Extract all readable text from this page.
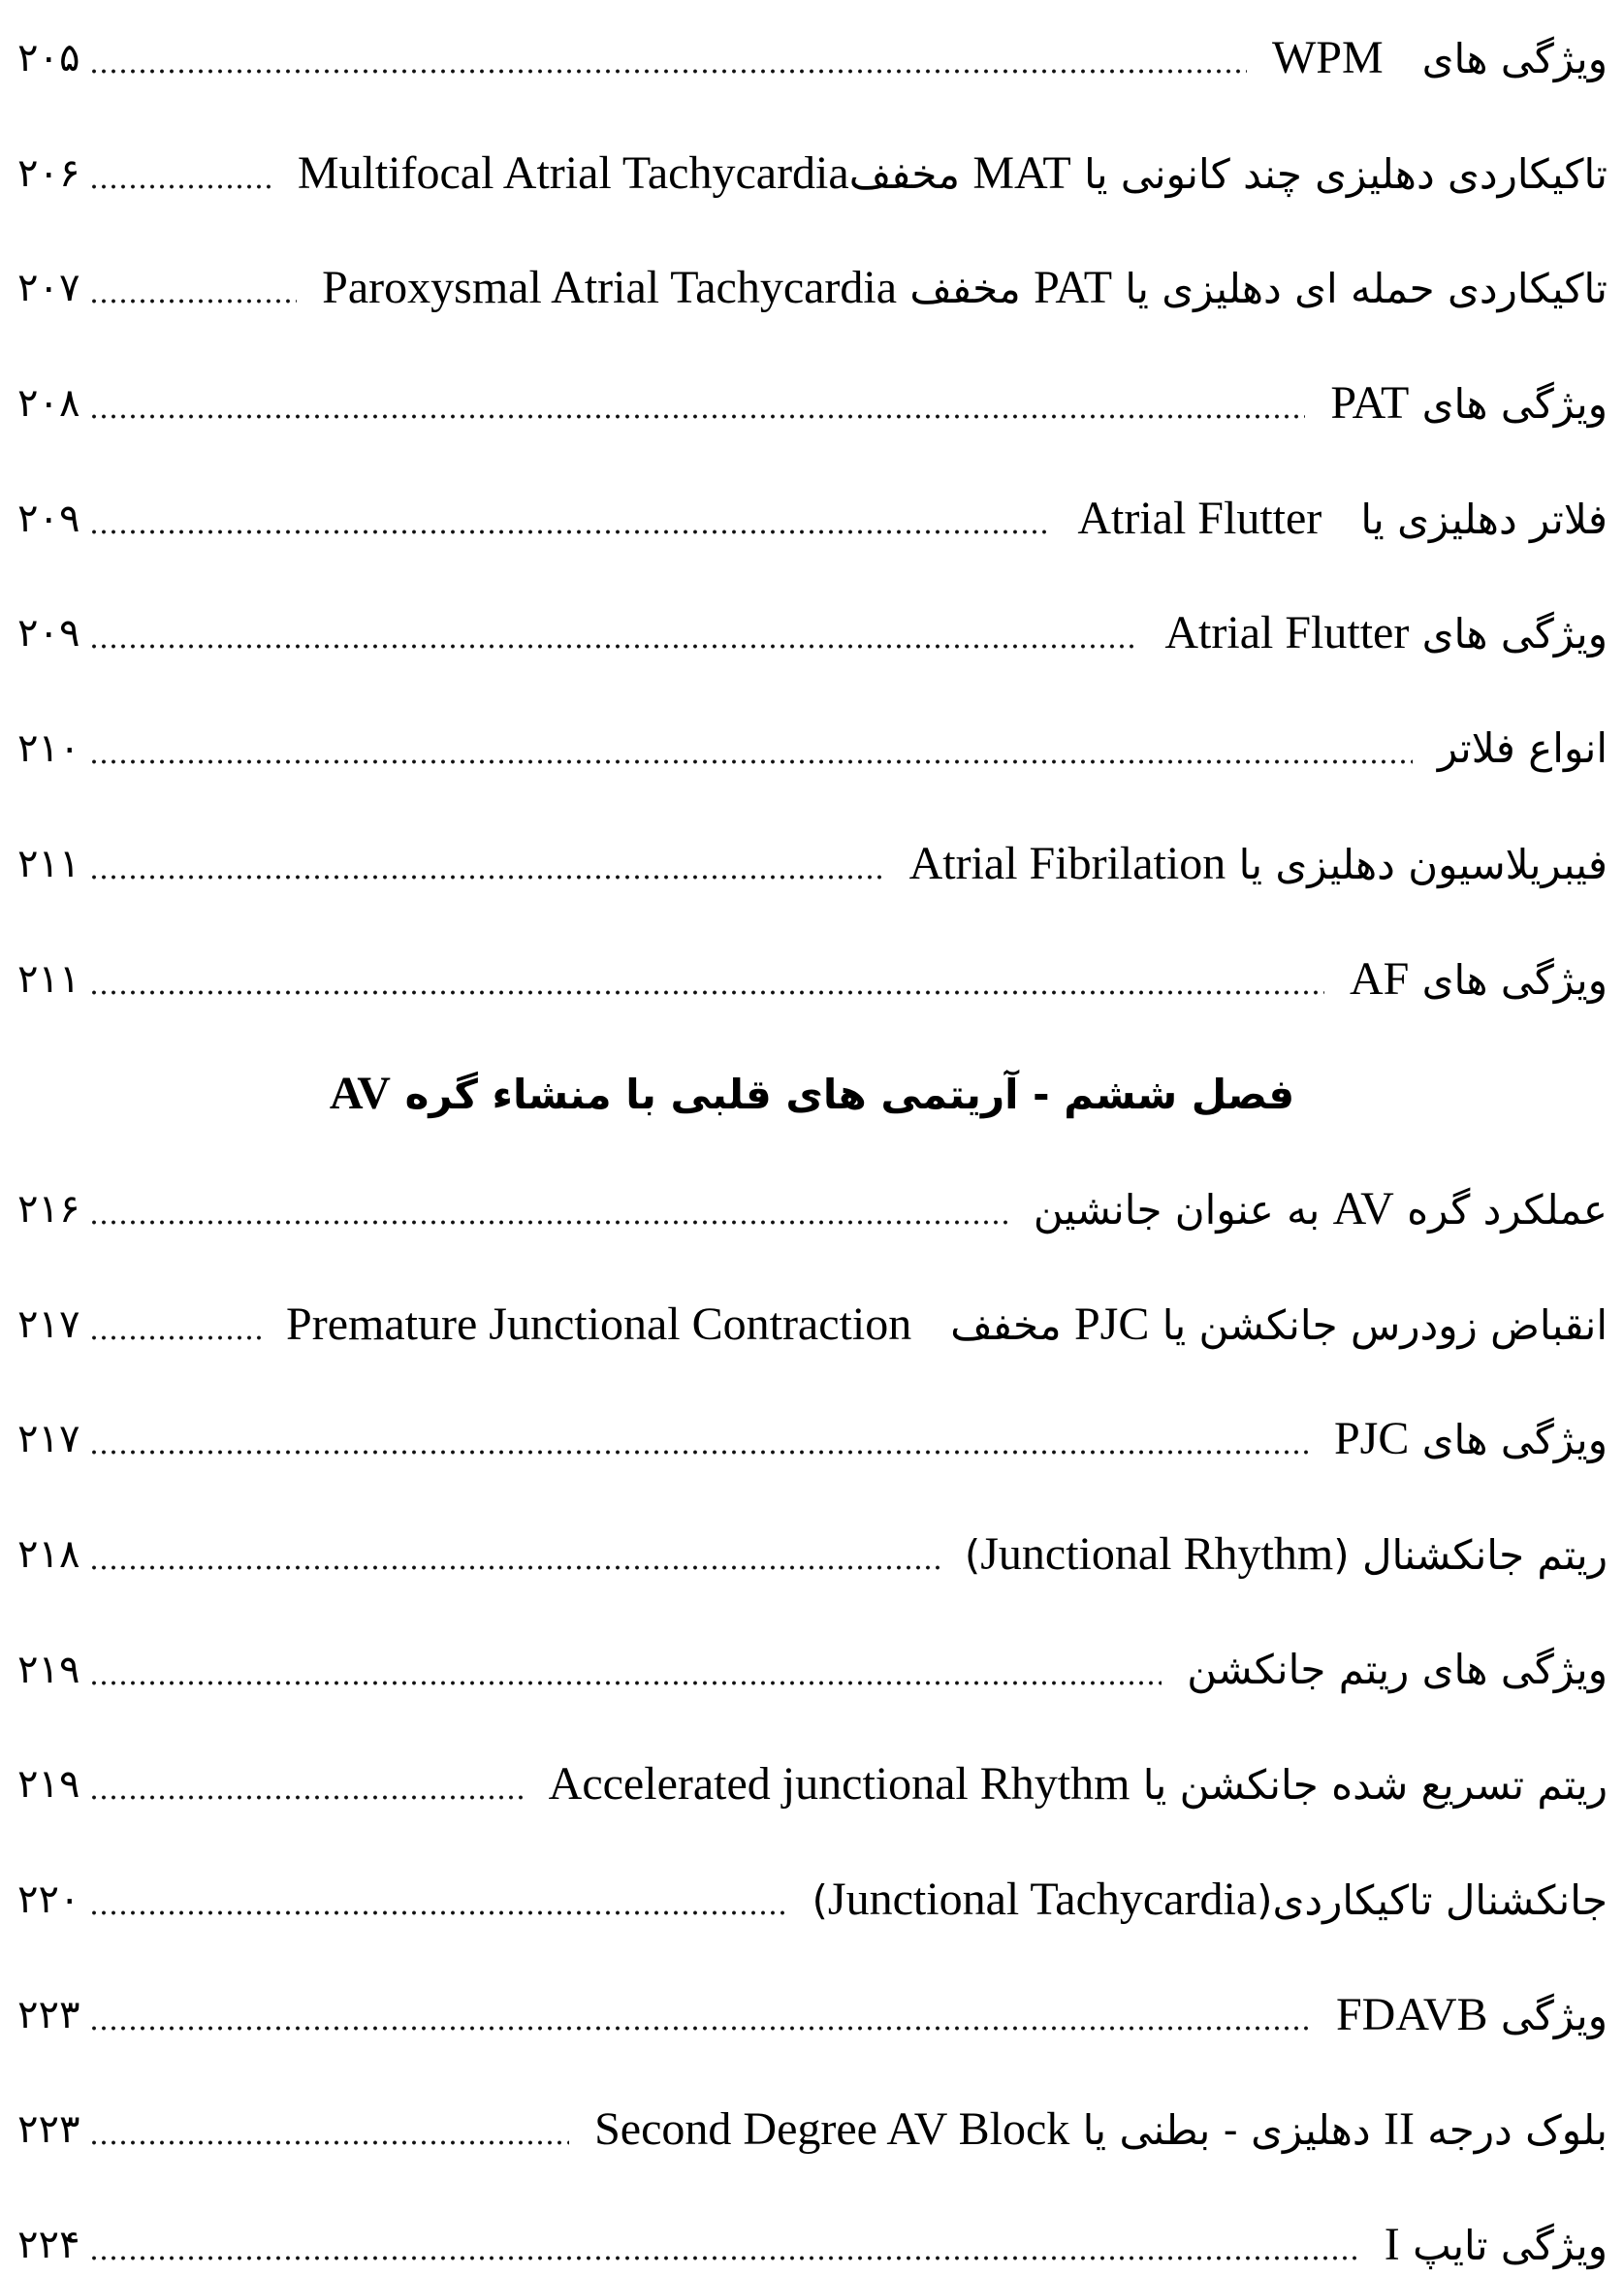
ویژگی های   WPM
۲۰۵
تاکیکاردی دهلیزی چند کانونی یا MAT مخففMultifocal Atrial Tachycardia
۲۰۶
تاکیکاردی حمله ای دهلیزی یا PAT مخفف Paroxysmal Atrial Tachycardia
۲۰۷
ویژگی های PAT
۲۰۸
فلاتر دهلیزی یا   Atrial Flutter
۲۰۹
ویژگی های Atrial Flutter
۲۰۹
انواع فلاتر
۲۱۰
فیبریلاسیون دهلیزی یا Atrial Fibrilation
۲۱۱
ویژگی های AF
۲۱۱
فصل ششم - آریتمی های قلبی با منشاء گره AV
عملکرد گره AV به عنوان جانشین
۲۱۶
انقباض زودرس جانکشن یا PJC مخفف   Premature Junctional Contraction
۲۱۷
ویژگی های PJC
۲۱۷
ریتم جانکشنال (Junctional Rhythm)
۲۱۸
ویژگی های ریتم جانکشن
۲۱۹
ریتم تسریع شده جانکشن یا Accelerated junctional Rhythm
۲۱۹
جانکشنال تاکیکاردی(Junctional Tachycardia)
۲۲۰
ویژگی FDAVB
۲۲۳
بلوک درجه II دهلیزی - بطنی یا Second Degree AV Block
۲۲۳
ویژگی تایپ I
۲۲۴
